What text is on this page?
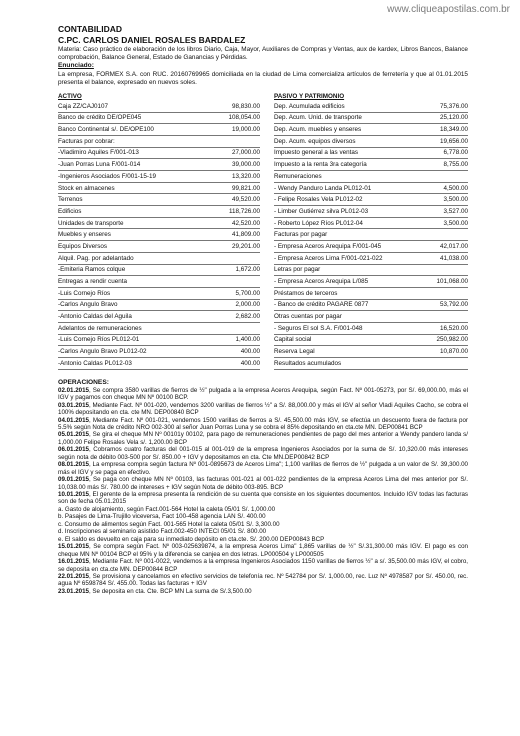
www.cliqueapostilas.com.br
CONTABILIDAD
C.PC. CARLOS DANIEL ROSALES BARDALEZ
Materia: Caso práctico de elaboración de los libros Diario, Caja, Mayor, Auxiliares de Compras y Ventas, aux de kardex, Libros Bancos, Balance comprobación, Balance General, Estado de Ganancias y Pérdidas.
Enunciado:
La empresa, FORMEX S.A. con RUC. 20160769965 domiciliada en la ciudad de Lima comercializa artículos de ferretería y que al 01.01.2015 presenta el balance, expresado en nuevos soles.
ACTIVO
Caja ZZ/CAJ0107	98,830.00
Banco de crédito DE/OPE045	108,054.00
Banco Continental s/. DE/OPE100	19,000.00
Facturas por cobrar:
-Vladimiro Aquiles F/001-013	27,000.00
-Juan Porras Luna F/001-014	39,000.00
-Ingenieros Asociados F/001-15-19	13,320.00
Stock en almacenes	99,821.00
Terrenos	49,520.00
Edificios	118,726.00
Unidades de transporte	42,520.00
Muebles y enseres	41,809.00
Equipos Diversos	29,201.00
Alquil. Pag. por adelantado
-Emiteria Ramos colque	1,672.00
Entregas a rendir cuenta
-Luis Cornejo Ríos	5,700.00
-Carlos Angulo Bravo	2,000.00
-Antonio Caldas del Aguila	2,682.00
Adelantos de remuneraciones
-Luis Cornejo Ríos PL012-01	1,400.00
-Carlos Angulo Bravo PL012-02	400.00
-Antonio Caldas PL012-03	400.00
PASIVO Y PATRIMONIO
Dep. Acumulada edificios	75,376.00
Dep. Acum. Unid. de transporte	25,120.00
Dep. Acum. muebles y enseres	18,349.00
Dep. Acum. equipos diversos	19,656.00
Impuesto general a las ventas	6,778.00
Impuesto a la renta 3ra categoría	8,755.00
Remuneraciones
- Wendy Panduro Landa PL012-01	4,500.00
- Felipe Rosales Vela PL012-02	3,500.00
- Limber Gutiérrez silva PL012-03	3,527.00
- Roberto López Ríos PL012-04	3,500.00
Facturas por pagar
- Empresa Aceros Arequipa F/001-045	42,017.00
- Empresa Aceros Lima F/001-021-022	41,038.00
Letras por pagar
- Empresa Aceros Arequipa L/085	101,068.00
Préstamos de terceros
- Banco de crédito PAGARE 0877	53,792.00
Otras cuentas por pagar
- Seguros El sol S.A. F/001-048	16,520.00
Capital social	250,982.00
Reserva Legal	10,870.00
Resultados acumulados
OPERACIONES:
02.01.2015, Se compra 3580 varillas de fierros de ½" pulgada a la empresa Aceros Arequipa, según Fact. Nº 001-05273, por S/. 69,000.00, más el IGV y pagamos con cheque MN Nº 00100 BCP.
03.01.2015, Mediante Fact. Nº 001-020, vendemos 3200 varillas de fierros ½" a S/. 88,000.00 y más el IGV al señor Vladi Aquiles Cacho, se cobra el 100% depositando en cta. cte MN. DEP00840 BCP
04.01.2015, Mediante Fact. Nº 001-021, vendemos 1500 varillas de fierros a S/. 45,500.00 más IGV, se efectúa un descuento fuera de factura por 5.5% según Nota de crédito NRO 002-300 al señor Juan Porras Luna y se cobra el 85% depositando en cta.cte MN. DEP00841 BCP
05.01.2015, Se gira el cheque MN Nº 00101y 00102, para pago de remuneraciones pendientes de pago del mes anterior a Wendy pandero landa s/ 1,000.00 Felipe Rosales Vela s/. 1,200.00 BCP
06.01.2015, Cobramos cuatro facturas del 001-015 al 001-019 de la empresa Ingenieros Asociados por la suma de S/. 10,320.00 más intereses según nota de débito 003-500 por S/. 850.00 + IGV y depositamos en cta. Cte MN.DEP00842 BCP
08.01.2015, La empresa compra según factura Nº 001-0895673 de Aceros Lima"; 1,100 varillas de fierros de ½" pulgada a un valor de S/. 39,300.00 más el IGV y se paga en efectivo.
09.01.2015, Se paga con cheque MN Nº 00103, las facturas 001-021 al 001-022 pendientes de la empresa Aceros Lima del mes anterior por S/. 10,038.00 más S/. 780.00 de intereses + IGV según Nota de débito 003-895. BCP
10.01.2015, El gerente de la empresa presenta la rendición de su cuenta que consiste en los siguientes documentos. Incluido IGV todas las facturas son de fecha 05.01.2015
a. Gasto de alojamiento, según Fact.001-564 Hotel la caleta 05/01 S/. 1,000.00
b. Pasajes de Lima-Trujillo viceversa, Fact 100-458 agencia LAN S/. 400.00
c. Consumo de alimentos según Fact. 001-565 Hotel la caleta 05/01 S/. 3,300.00
d. Inscripciones al seminario asistido Fact.002-450 INTECI 05/01 S/. 800.00
e. El saldo es devuelto en caja para su inmediato depósito en cta.cte. S/. 200.00 DEP00843 BCP
15.01.2015, Se compra según Fact. Nº 003-025639874, a la empresa Aceros Lima" 1,865 varillas de ½" S/.31,300.00 más IGV. El pago es con cheque MN Nº 00104 BCP el 95% y la diferencia se canjea en dos letras. LP000504 y LP000505
16.01.2015, Mediante Fact. Nº 001-0022, vendemos a la empresa Ingenieros Asociados 1150 varillas de fierros ½" a s/. 35,500.00 más IGV, el cobro, se deposita en cta.cte MN. DEP00844 BCP
22.01.2015, Se provisiona y cancelamos en efectivo servicios de telefonía rec. Nº 542784 por S/. 1,000.00, rec. Luz Nº 4978587 por S/. 450.00, rec. agua Nº 6598784 S/. 455.00. Todas las facturas + IGV
23.01.2015, Se deposita en cta. Cte. BCP MN La suma de S/.3,500.00
